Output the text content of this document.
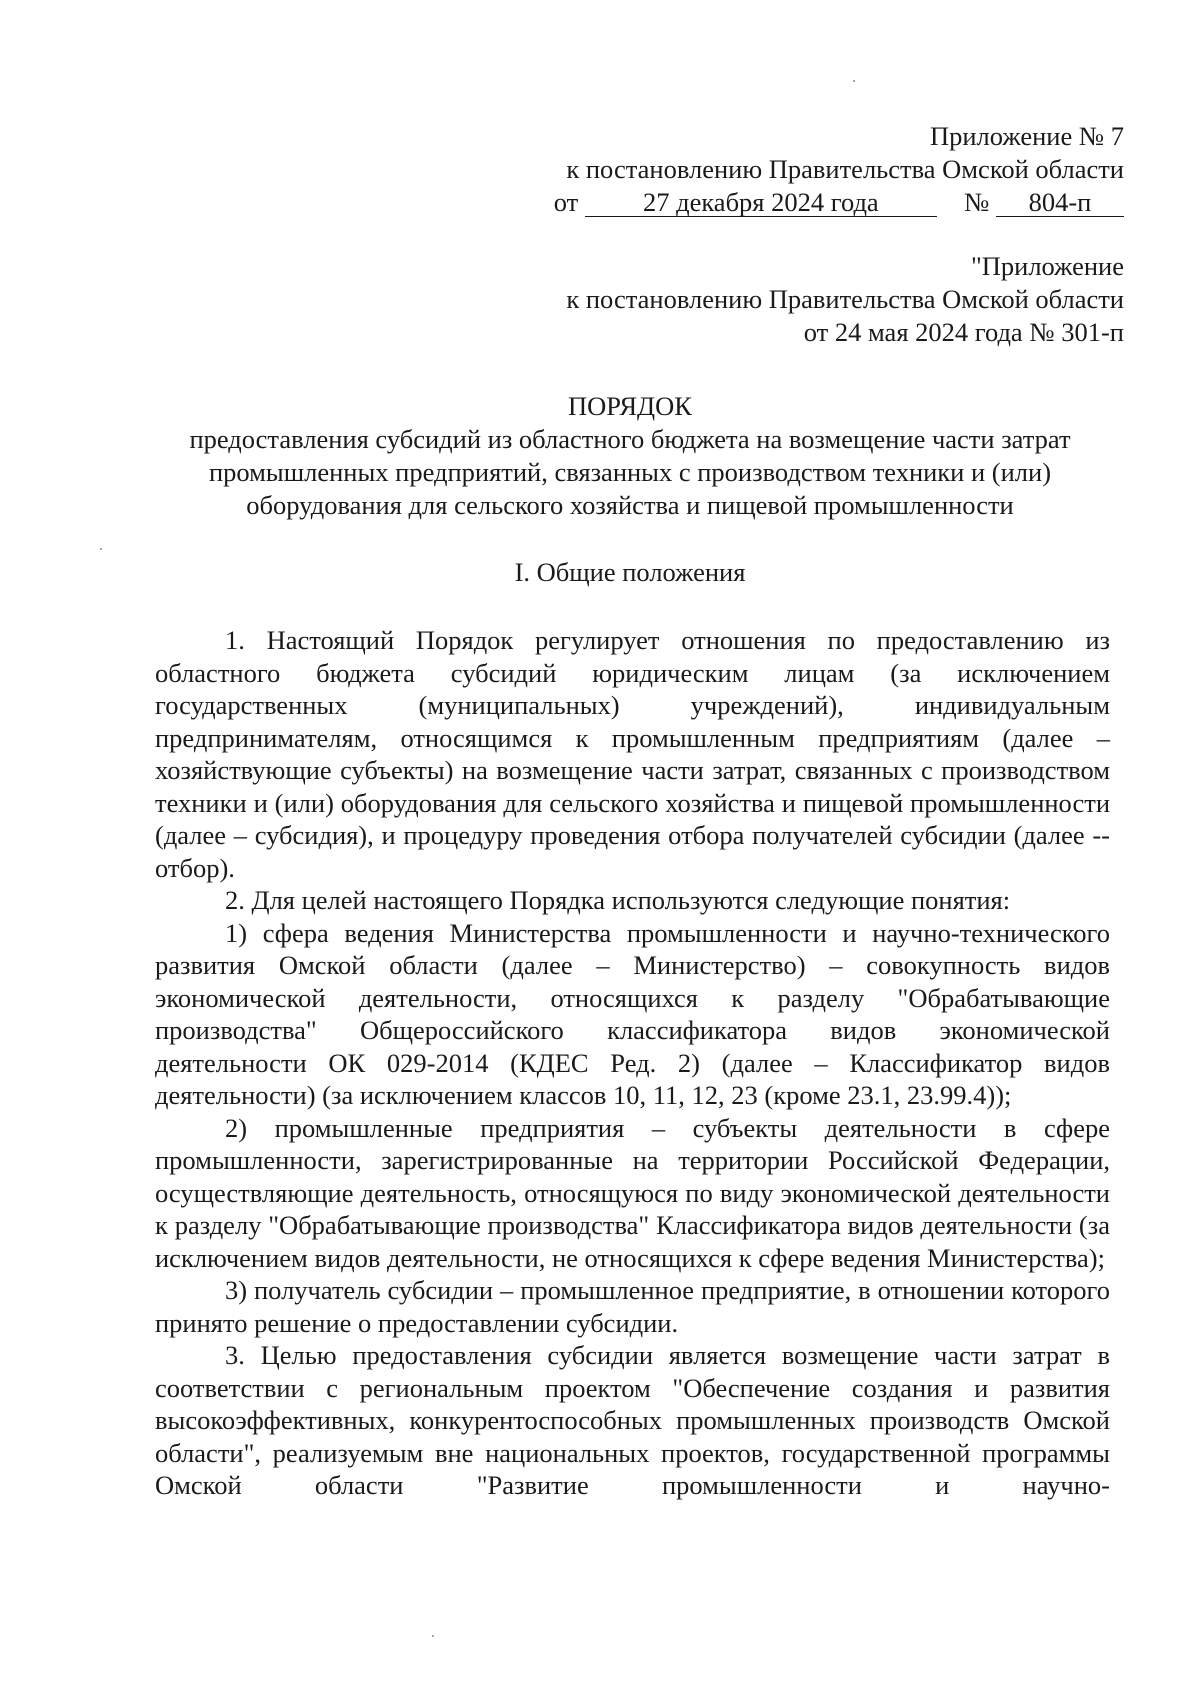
Приложение № 7
к постановлению Правительства Омской области
от 27 декабря 2024 года	№ 804-п
"Приложение
к постановлению Правительства Омской области
от 24 мая 2024 года № 301-п
ПОРЯДОК
предоставления субсидий из областного бюджета на возмещение части затрат
промышленных предприятий, связанных с производством техники и (или)
оборудования для сельского хозяйства и пищевой промышленности
I. Общие положения

1. Настоящий Порядок регулирует отношения по предоставлению из областного бюджета субсидий юридическим лицам (за исключением государственных (муниципальных) учреждений), индивидуальным предпринимателям, относящимся к промышленным предприятиям (далее – хозяйствующие субъекты) на возмещение части затрат, связанных с производством техники и (или) оборудования для сельского хозяйства и пищевой промышленности (далее – субсидия), и процедуру проведения отбора получателей субсидии (далее -- отбор).

2. Для целей настоящего Порядка используются следующие понятия:

1) сфера ведения Министерства промышленности и научно-технического развития Омской области (далее – Министерство) – совокупность видов экономической деятельности, относящихся к разделу "Обрабатывающие производства" Общероссийского классификатора видов экономической деятельности ОК 029-2014 (КДЕС Ред. 2) (далее – Классификатор видов деятельности) (за исключением классов 10, 11, 12, 23 (кроме 23.1, 23.99.4));

2) промышленные предприятия – субъекты деятельности в сфере промышленности, зарегистрированные на территории Российской Федерации, осуществляющие деятельность, относящуюся по виду экономической деятельности к разделу "Обрабатывающие производства" Классификатора видов деятельности (за исключением видов деятельности, не относящихся к сфере ведения Министерства);

3) получатель субсидии – промышленное предприятие, в отношении которого принято решение о предоставлении субсидии.

3. Целью предоставления субсидии является возмещение части затрат в соответствии с региональным проектом "Обеспечение создания и развития высокоэффективных, конкурентоспособных промышленных производств Омской области", реализуемым вне национальных проектов, государственной программы Омской области "Развитие промышленности и научно-
